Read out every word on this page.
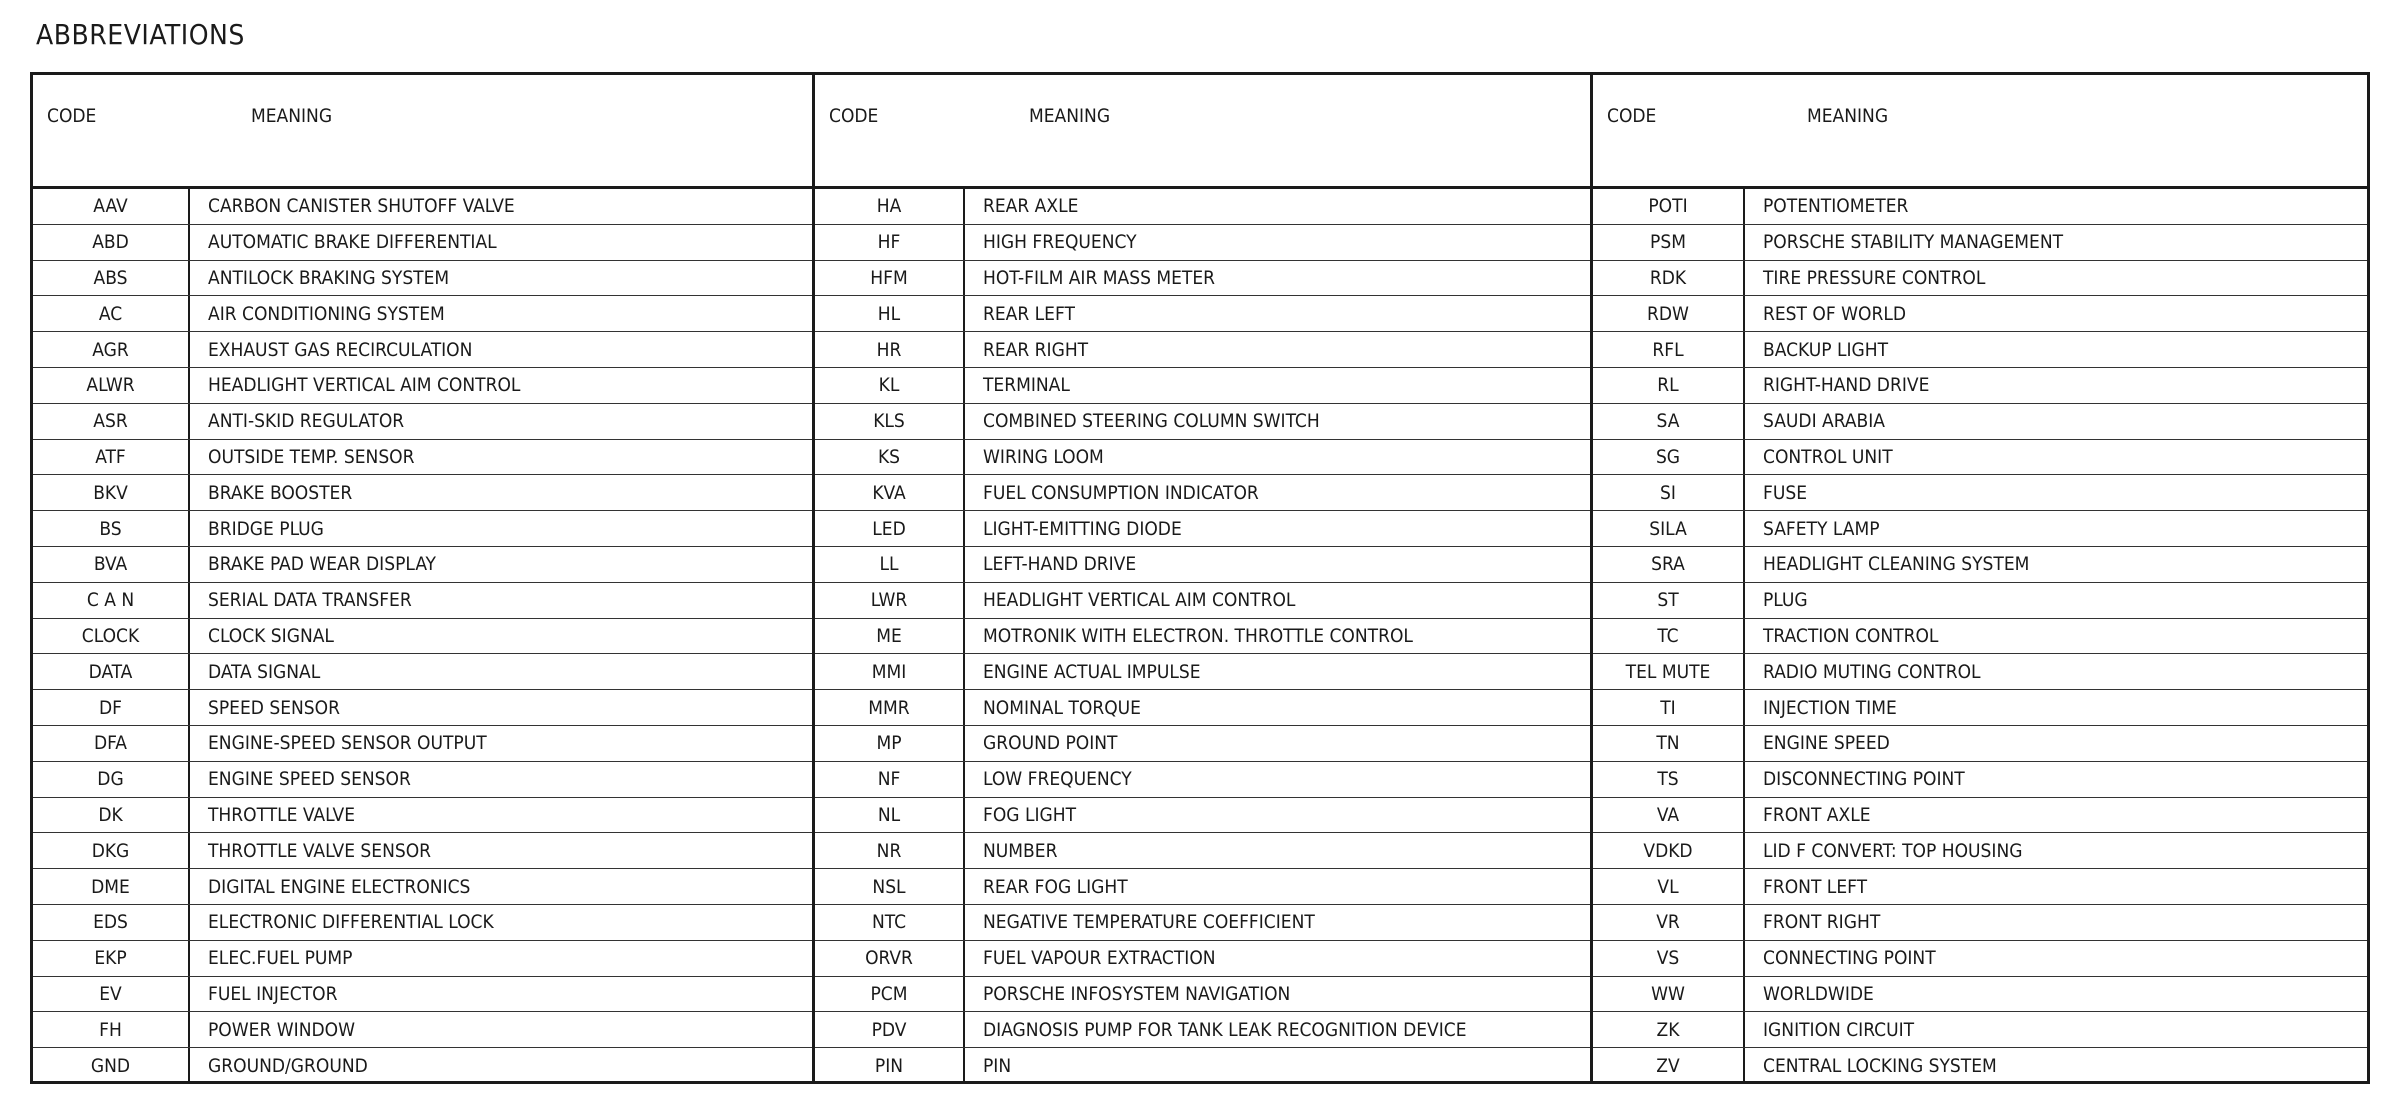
ABBREVIATIONS
CODE	MEANING
AAV	CARBON CANISTER SHUTOFF VALVE
ABD	AUTOMATIC BRAKE DIFFERENTIAL
ABS	ANTILOCK BRAKING SYSTEM
AC	AIR CONDITIONING SYSTEM
AGR	EXHAUST GAS RECIRCULATION
ALWR	HEADLIGHT VERTICAL AIM CONTROL
ASR	ANTI-SKID REGULATOR
ATF	OUTSIDE TEMP. SENSOR
BKV	BRAKE BOOSTER
BS	BRIDGE PLUG
BVA	BRAKE PAD WEAR DISPLAY
C A N	SERIAL DATA TRANSFER
CLOCK	CLOCK SIGNAL
DATA	DATA SIGNAL
DF	SPEED SENSOR
DFA	ENGINE-SPEED SENSOR OUTPUT
DG	ENGINE SPEED SENSOR
DK	THROTTLE VALVE
DKG	THROTTLE VALVE SENSOR
DME	DIGITAL ENGINE ELECTRONICS
EDS	ELECTRONIC DIFFERENTIAL LOCK
EKP	ELEC.FUEL PUMP
EV	FUEL INJECTOR
FH	POWER WINDOW
GND	GROUND/GROUND
CODE	MEANING
HA	REAR AXLE
HF	HIGH FREQUENCY
HFM	HOT-FILM AIR MASS METER
HL	REAR LEFT
HR	REAR RIGHT
KL	TERMINAL
KLS	COMBINED STEERING COLUMN SWITCH
KS	WIRING LOOM
KVA	FUEL CONSUMPTION INDICATOR
LED	LIGHT-EMITTING DIODE
LL	LEFT-HAND DRIVE
LWR	HEADLIGHT VERTICAL AIM CONTROL
ME	MOTRONIK WITH ELECTRON. THROTTLE CONTROL
MMI	ENGINE ACTUAL IMPULSE
MMR	NOMINAL TORQUE
MP	GROUND POINT
NF	LOW FREQUENCY
NL	FOG LIGHT
NR	NUMBER
NSL	REAR FOG LIGHT
NTC	NEGATIVE TEMPERATURE COEFFICIENT
ORVR	FUEL VAPOUR EXTRACTION
PCM	PORSCHE INFOSYSTEM NAVIGATION
PDV	DIAGNOSIS PUMP FOR TANK LEAK RECOGNITION DEVICE
PIN	PIN
CODE	MEANING
POTI	POTENTIOMETER
PSM	PORSCHE STABILITY MANAGEMENT
RDK	TIRE PRESSURE CONTROL
RDW	REST OF WORLD
RFL	BACKUP LIGHT
RL	RIGHT-HAND DRIVE
SA	SAUDI ARABIA
SG	CONTROL UNIT
SI	FUSE
SILA	SAFETY LAMP
SRA	HEADLIGHT CLEANING SYSTEM
ST	PLUG
TC	TRACTION CONTROL
TEL MUTE	RADIO MUTING CONTROL
TI	INJECTION TIME
TN	ENGINE SPEED
TS	DISCONNECTING POINT
VA	FRONT AXLE
VDKD	LID F CONVERT: TOP HOUSING
VL	FRONT LEFT
VR	FRONT RIGHT
VS	CONNECTING POINT
WW	WORLDWIDE
ZK	IGNITION CIRCUIT
ZV	CENTRAL LOCKING SYSTEM
